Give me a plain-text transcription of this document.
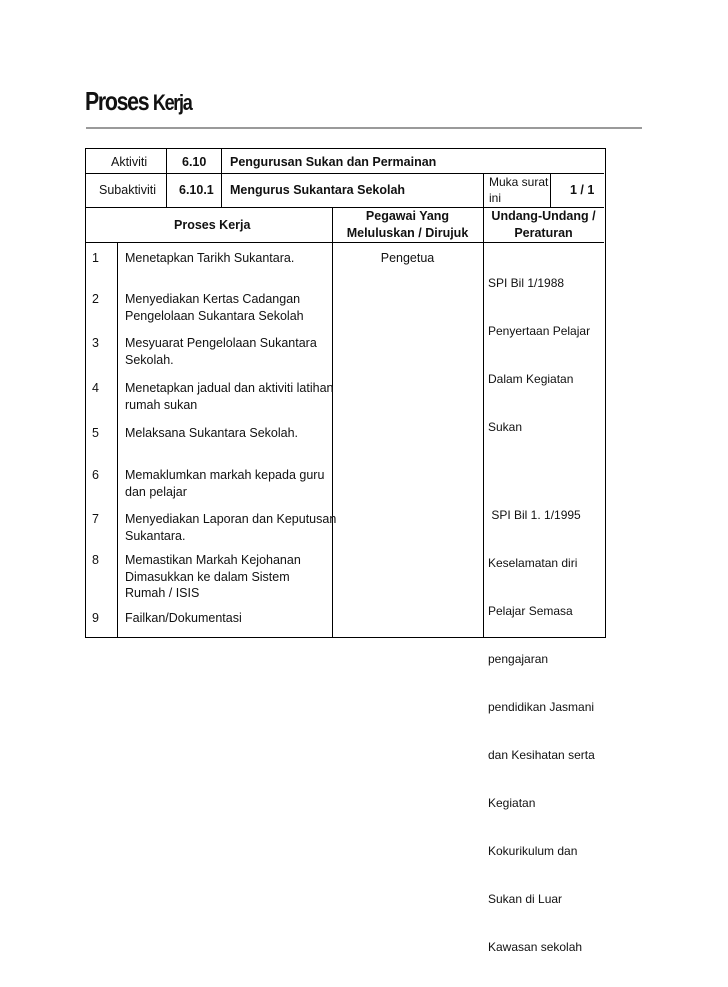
Proses Kerja
Aktiviti	6.10 Pengurusan Sukan dan Permainan
Subaktiviti 6.10.1 Mengurus Sukantara Sekolah
Muka surat
ini
1 / 1
Proses Kerja
Pegawai Yang
Meluluskan / Dirujuk
Undang-Undang /
Peraturan
1 Menetapkan Tarikh Sukantara.
2 Menyediakan Kertas Cadangan
Pengelolaan Sukantara Sekolah
3 Mesyuarat Pengelolaan Sukantara
Sekolah.
4 Menetapkan jadual dan aktiviti latihan
rumah sukan
5 Melaksana Sukantara Sekolah.
6 Memaklumkan markah kepada guru
dan pelajar
7 Menyediakan Laporan dan Keputusan
Sukantara.
8 Memastikan Markah Kejohanan
Dimasukkan ke dalam Sistem
Rumah / ISIS
9 Failkan/Dokumentasi
Pengetua

SPI Bil 1/1988

Penyertaan Pelajar

Dalam Kegiatan

Sukan

SPI Bil 1. 1/1995

Keselamatan diri

Pelajar Semasa

pengajaran

pendidikan Jasmani

dan Kesihatan serta

Kegiatan

Kokurikulum dan

Sukan di Luar

Kawasan sekolah
